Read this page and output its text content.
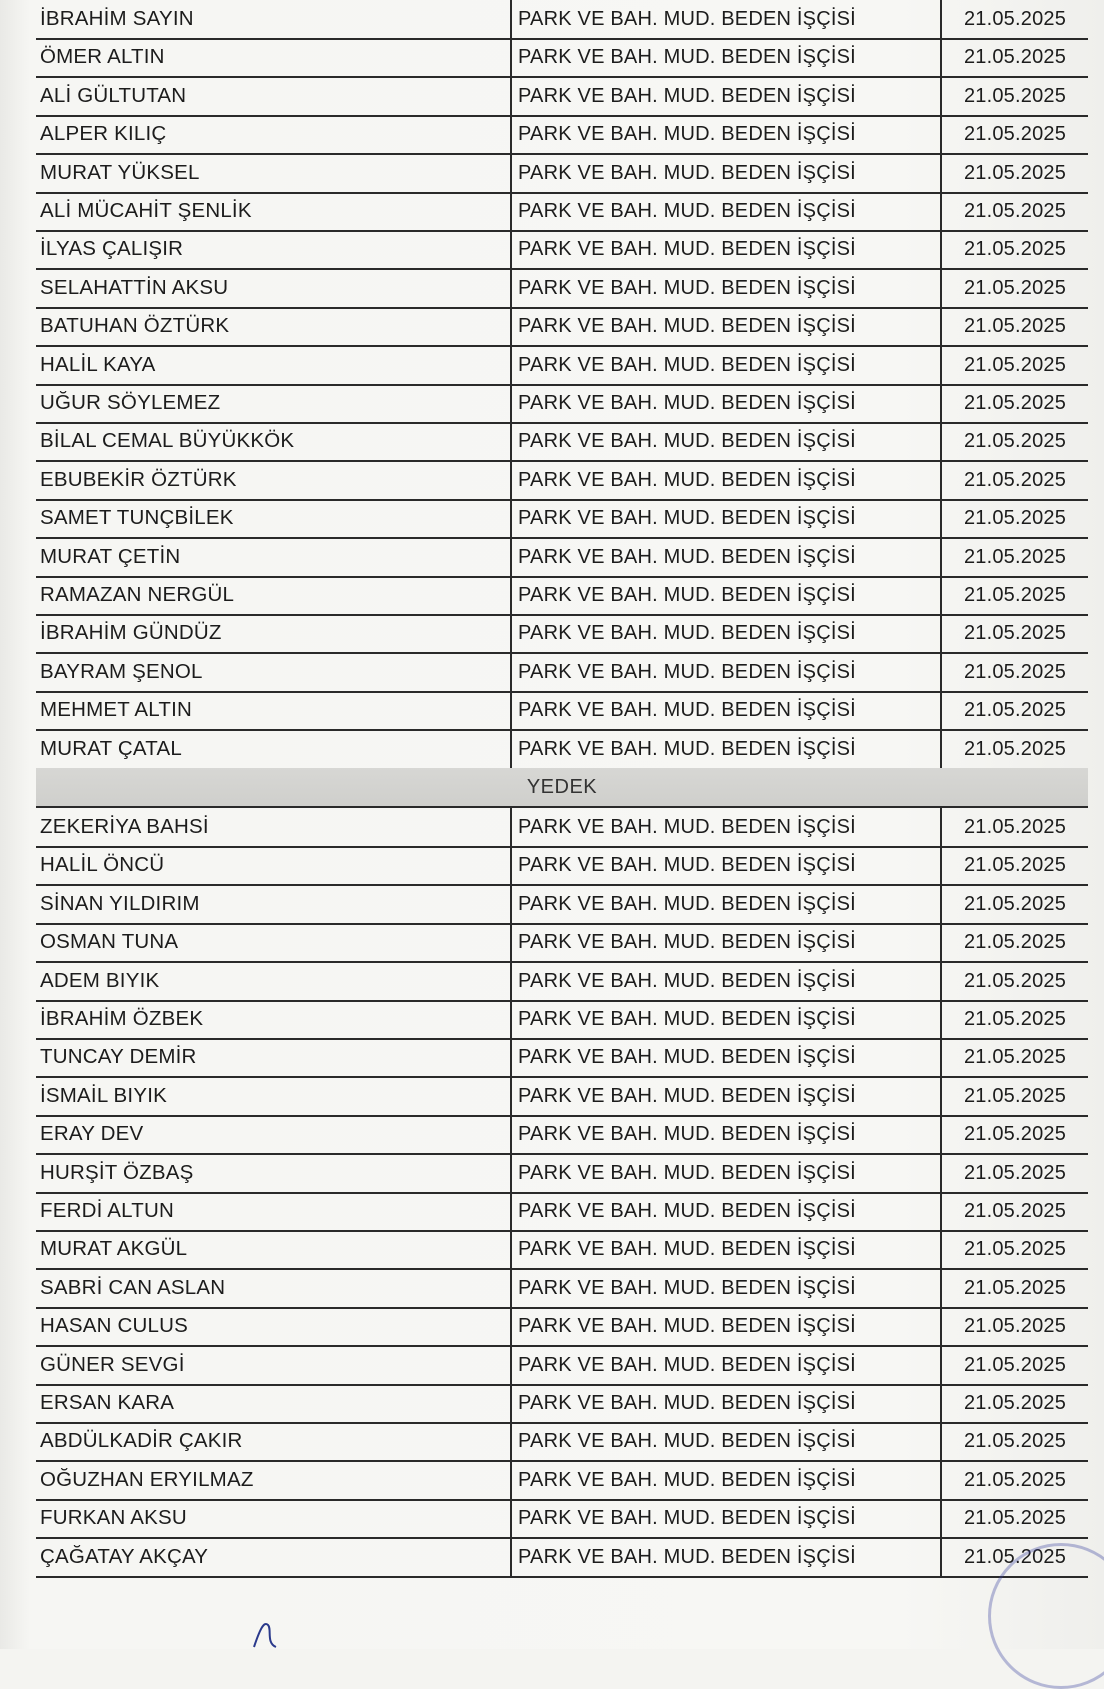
İBRAHİM SAYIN	PARK VE BAH. MUD. BEDEN İŞÇİSİ	21.05.2025
ÖMER ALTIN	PARK VE BAH. MUD. BEDEN İŞÇİSİ	21.05.2025
ALİ GÜLTUTAN	PARK VE BAH. MUD. BEDEN İŞÇİSİ	21.05.2025
ALPER KILIÇ	PARK VE BAH. MUD. BEDEN İŞÇİSİ	21.05.2025
MURAT YÜKSEL	PARK VE BAH. MUD. BEDEN İŞÇİSİ	21.05.2025
ALİ MÜCAHİT ŞENLİK	PARK VE BAH. MUD. BEDEN İŞÇİSİ	21.05.2025
İLYAS ÇALIŞIR	PARK VE BAH. MUD. BEDEN İŞÇİSİ	21.05.2025
SELAHATTİN AKSU	PARK VE BAH. MUD. BEDEN İŞÇİSİ	21.05.2025
BATUHAN ÖZTÜRK	PARK VE BAH. MUD. BEDEN İŞÇİSİ	21.05.2025
HALİL KAYA	PARK VE BAH. MUD. BEDEN İŞÇİSİ	21.05.2025
UĞUR SÖYLEMEZ	PARK VE BAH. MUD. BEDEN İŞÇİSİ	21.05.2025
BİLAL CEMAL BÜYÜKKÖK	PARK VE BAH. MUD. BEDEN İŞÇİSİ	21.05.2025
EBUBEKİR ÖZTÜRK	PARK VE BAH. MUD. BEDEN İŞÇİSİ	21.05.2025
SAMET TUNÇBİLEK	PARK VE BAH. MUD. BEDEN İŞÇİSİ	21.05.2025
MURAT ÇETİN	PARK VE BAH. MUD. BEDEN İŞÇİSİ	21.05.2025
RAMAZAN NERGÜL	PARK VE BAH. MUD. BEDEN İŞÇİSİ	21.05.2025
İBRAHİM GÜNDÜZ	PARK VE BAH. MUD. BEDEN İŞÇİSİ	21.05.2025
BAYRAM ŞENOL	PARK VE BAH. MUD. BEDEN İŞÇİSİ	21.05.2025
MEHMET ALTIN	PARK VE BAH. MUD. BEDEN İŞÇİSİ	21.05.2025
MURAT ÇATAL	PARK VE BAH. MUD. BEDEN İŞÇİSİ	21.05.2025
YEDEK
ZEKERİYA BAHSİ	PARK VE BAH. MUD. BEDEN İŞÇİSİ	21.05.2025
HALİL ÖNCÜ	PARK VE BAH. MUD. BEDEN İŞÇİSİ	21.05.2025
SİNAN YILDIRIM	PARK VE BAH. MUD. BEDEN İŞÇİSİ	21.05.2025
OSMAN TUNA	PARK VE BAH. MUD. BEDEN İŞÇİSİ	21.05.2025
ADEM BIYIK	PARK VE BAH. MUD. BEDEN İŞÇİSİ	21.05.2025
İBRAHİM ÖZBEK	PARK VE BAH. MUD. BEDEN İŞÇİSİ	21.05.2025
TUNCAY DEMİR	PARK VE BAH. MUD. BEDEN İŞÇİSİ	21.05.2025
İSMAİL BIYIK	PARK VE BAH. MUD. BEDEN İŞÇİSİ	21.05.2025
ERAY DEV	PARK VE BAH. MUD. BEDEN İŞÇİSİ	21.05.2025
HURŞİT ÖZBAŞ	PARK VE BAH. MUD. BEDEN İŞÇİSİ	21.05.2025
FERDİ ALTUN	PARK VE BAH. MUD. BEDEN İŞÇİSİ	21.05.2025
MURAT AKGÜL	PARK VE BAH. MUD. BEDEN İŞÇİSİ	21.05.2025
SABRİ CAN ASLAN	PARK VE BAH. MUD. BEDEN İŞÇİSİ	21.05.2025
HASAN CULUS	PARK VE BAH. MUD. BEDEN İŞÇİSİ	21.05.2025
GÜNER SEVGİ	PARK VE BAH. MUD. BEDEN İŞÇİSİ	21.05.2025
ERSAN KARA	PARK VE BAH. MUD. BEDEN İŞÇİSİ	21.05.2025
ABDÜLKADİR ÇAKIR	PARK VE BAH. MUD. BEDEN İŞÇİSİ	21.05.2025
OĞUZHAN ERYILMAZ	PARK VE BAH. MUD. BEDEN İŞÇİSİ	21.05.2025
FURKAN AKSU	PARK VE BAH. MUD. BEDEN İŞÇİSİ	21.05.2025
ÇAĞATAY AKÇAY	PARK VE BAH. MUD. BEDEN İŞÇİSİ	21.05.2025
